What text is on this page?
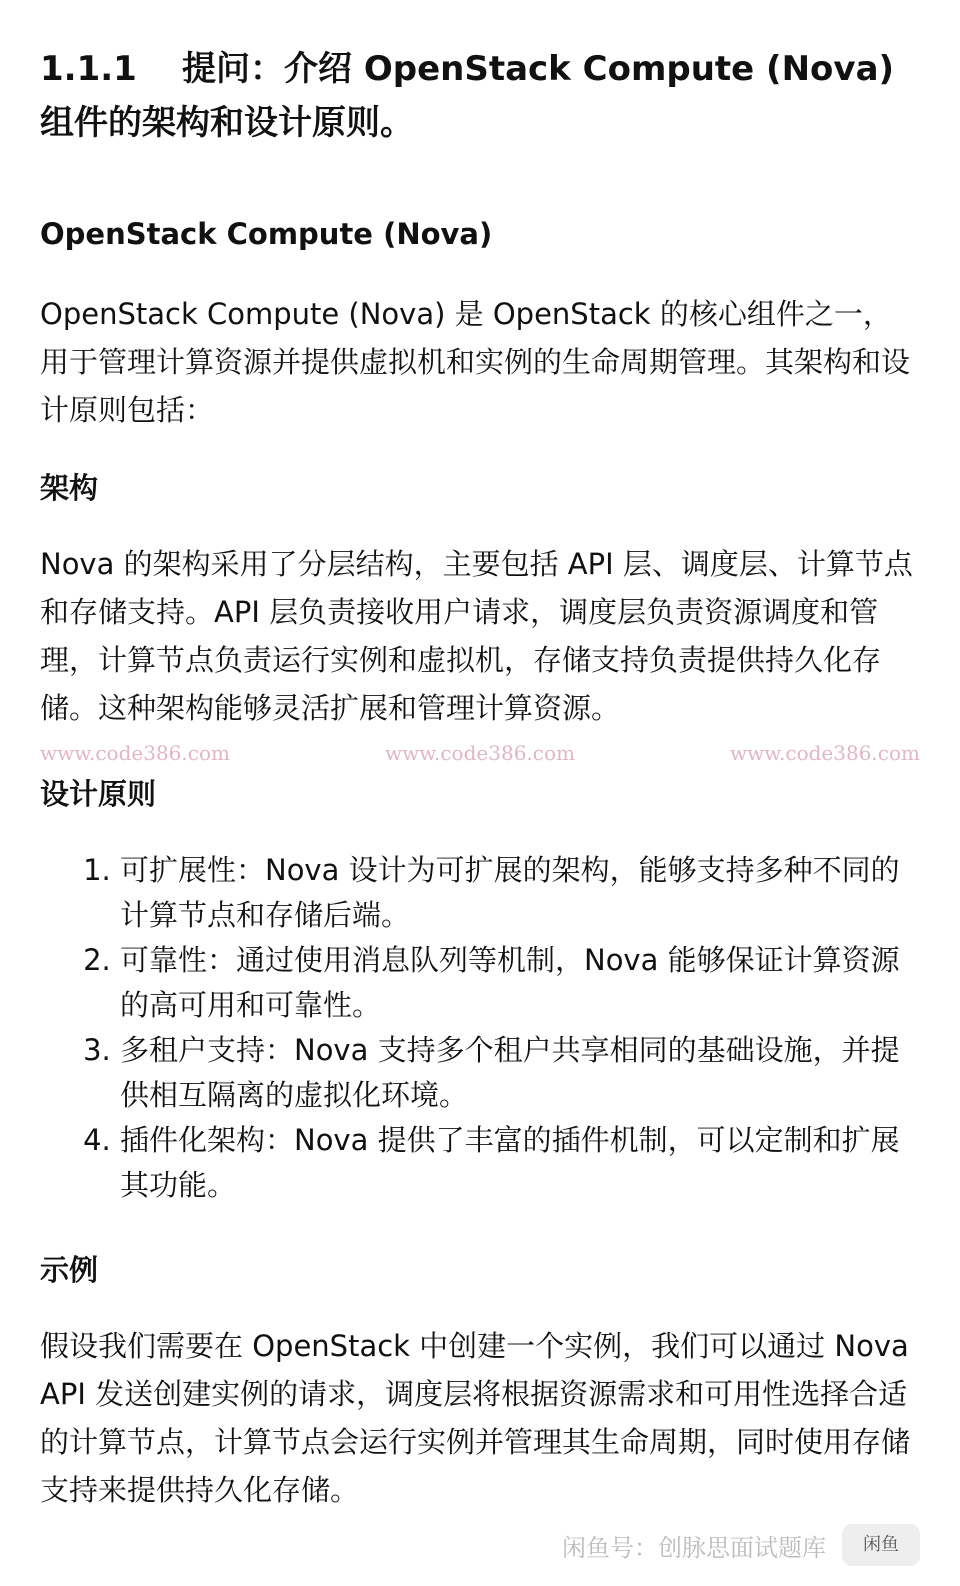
1.1.1 提问：介绍 OpenStack Compute (Nova) 组件的架构和设计原则。
OpenStack Compute (Nova)
OpenStack Compute (Nova) 是 OpenStack 的核心组件之一，用于管理计算资源并提供虚拟机和实例的生命周期管理。其架构和设计原则包括：
架构
Nova 的架构采用了分层结构，主要包括 API 层、调度层、计算节点和存储支持。API 层负责接收用户请求，调度层负责资源调度和管理，计算节点负责运行实例和虚拟机，存储支持负责提供持久化存储。这种架构能够灵活扩展和管理计算资源。
www.code386.com	www.code386.com	www.code386.com
设计原则
1. 可扩展性：Nova 设计为可扩展的架构，能够支持多种不同的计算节点和存储后端。
2. 可靠性：通过使用消息队列等机制，Nova 能够保证计算资源的高可用和可靠性。
3. 多租户支持：Nova 支持多个租户共享相同的基础设施，并提供相互隔离的虚拟化环境。
4. 插件化架构：Nova 提供了丰富的插件机制，可以定制和扩展其功能。
示例
假设我们需要在 OpenStack 中创建一个实例，我们可以通过 Nova API 发送创建实例的请求，调度层将根据资源需求和可用性选择合适的计算节点，计算节点会运行实例并管理其生命周期，同时使用存储支持来提供持久化存储。
闲鱼号：创脉思面试题库	闲鱼
